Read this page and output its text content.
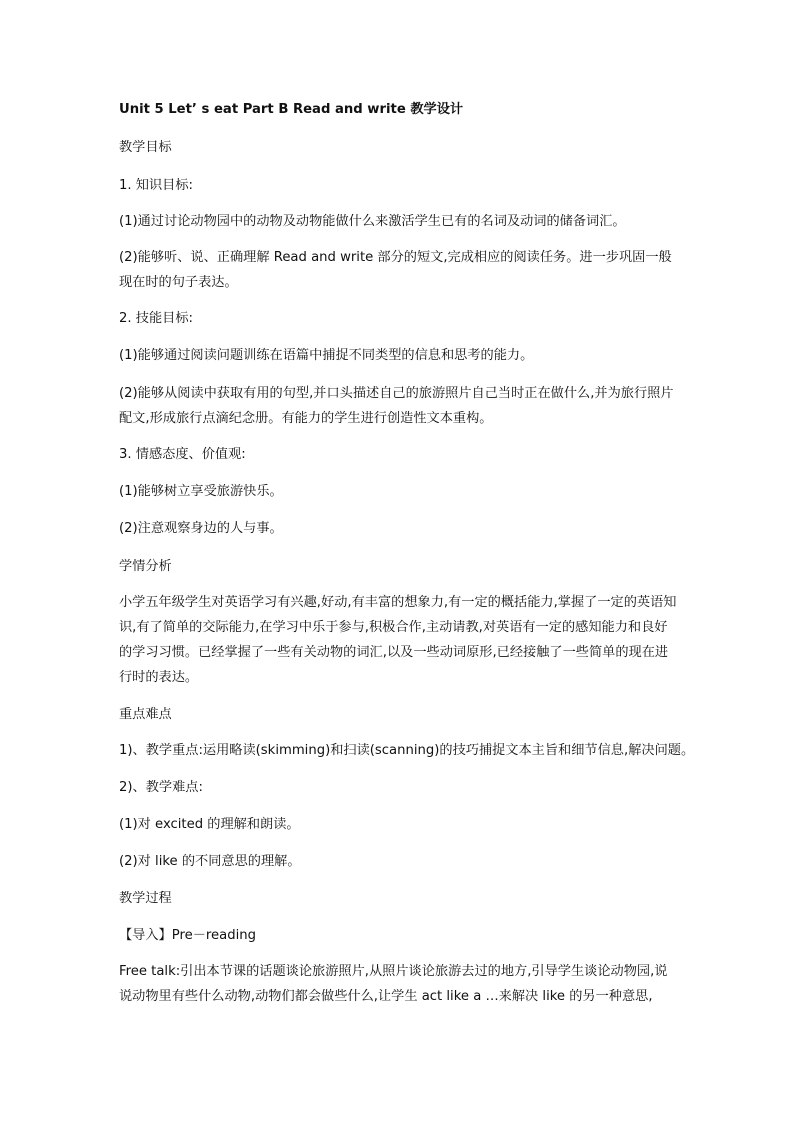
Unit 5 Let’ s eat Part B Read and write 教学设计
教学目标
1. 知识目标:
(1)通过讨论动物园中的动物及动物能做什么来激活学生已有的名词及动词的储备词汇。
(2)能够听、说、正确理解 Read and write 部分的短文,完成相应的阅读任务。进一步巩固一般现在时的句子表达。
2. 技能目标:
(1)能够通过阅读问题训练在语篇中捕捉不同类型的信息和思考的能力。
(2)能够从阅读中获取有用的句型,并口头描述自己的旅游照片自己当时正在做什么,并为旅行照片配文,形成旅行点滴纪念册。有能力的学生进行创造性文本重构。
3. 情感态度、价值观:
(1)能够树立享受旅游快乐。
(2)注意观察身边的人与事。
学情分析
小学五年级学生对英语学习有兴趣,好动,有丰富的想象力,有一定的概括能力,掌握了一定的英语知识,有了简单的交际能力,在学习中乐于参与,积极合作,主动请教,对英语有一定的感知能力和良好的学习习惯。已经掌握了一些有关动物的词汇,以及一些动词原形,已经接触了一些简单的现在进行时的表达。
重点难点
1)、教学重点:运用略读(skimming)和扫读(scanning)的技巧捕捉文本主旨和细节信息,解决问题。
2)、教学难点:
(1)对 excited 的理解和朗读。
(2)对 like 的不同意思的理解。
教学过程
【导入】Pre－reading
Free talk:引出本节课的话题谈论旅游照片,从照片谈论旅游去过的地方,引导学生谈论动物园,说说动物里有些什么动物,动物们都会做些什么,让学生 act like a …来解决 like 的另一种意思,
